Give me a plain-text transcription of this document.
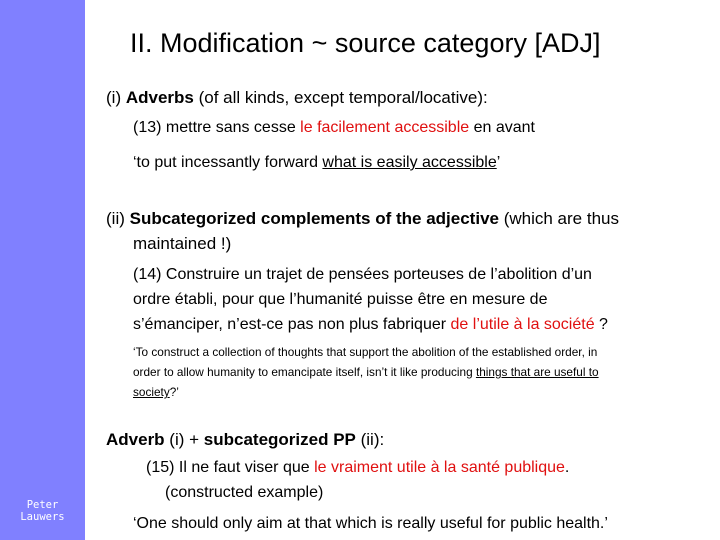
Peter
Lauwers
II. Modification ~ source category [ADJ]
(i) Adverbs (of all kinds, except temporal/locative):
(13) mettre sans cesse le facilement accessible en avant
‘to put incessantly forward what is easily accessible’
(ii) Subcategorized complements of the adjective (which are thus
maintained !)
(14) Construire un trajet de pensées porteuses de l’abolition d’un
ordre établi, pour que l’humanité puisse être en mesure de
s’émanciper, n’est-ce pas non plus fabriquer de l’utile à la société ?
‘To construct a collection of thoughts that support the abolition of the established order, in
order to allow humanity to emancipate itself, isn’t it like producing things that are useful to
society?’
Adverb (i) + subcategorized PP (ii):
(15) Il ne faut viser que le vraiment utile à la santé publique.
(constructed example)
‘One should only aim at that which is really useful for public health.’
